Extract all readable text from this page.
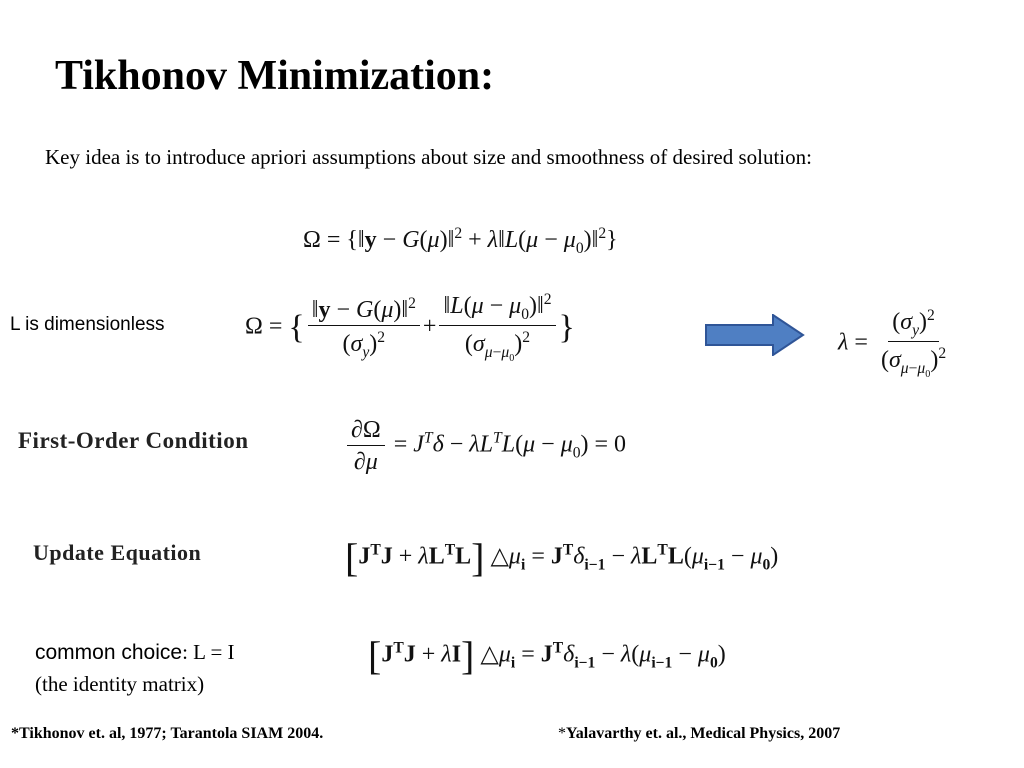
Tikhonov Minimization:
Key idea is to introduce apriori assumptions about size and smoothness of desired solution:
Ω = {‖y − G(μ)‖$^2$ + λ‖L(μ − $\mu_0)‖^2$}
L is dimensionless	Ω = { $\frac{‖y - G(\mu)‖^2}{(\sigma_y)^2} + \frac{‖L(\mu - \mu_0)‖^2}{(\sigma_{\mu-\mu_0})^2}$ }	$\lambda = \frac{(\sigma_y)^2}{(\sigma_{\mu-\mu_0})^2}$
First-Order Condition	$\frac{\partial\Omega}{\partial\mu} = J^T\delta - \lambda L^TL(\mu - \mu_0) = 0$
Update Equation	$[J^TJ + \lambda L^TL]$ $\triangle\mu_i = J^T\delta_{i-1} - \lambda L^TL(\mu_{i-1} - \mu_0)$
common choice: L = I
(the identity matrix)
$[J^TJ + \lambda I]$ $\triangle\mu_i = J^T\delta_{i-1} - \lambda(\mu_{i-1} - \mu_0)$
*Tikhonov et. al, 1977; Tarantola SIAM 2004.	*Yalavarthy et. al., Medical Physics, 2007
